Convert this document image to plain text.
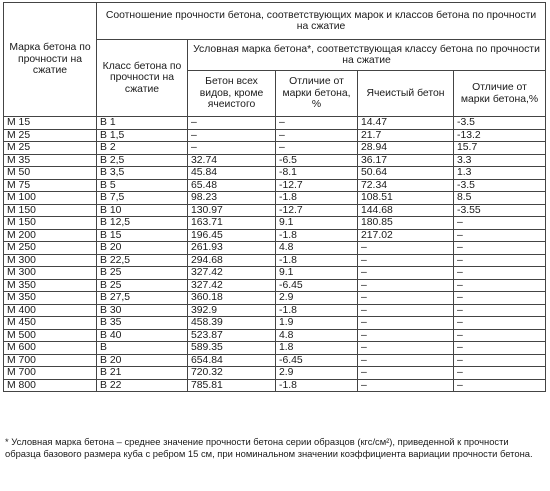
Марка бетона по прочности на сжатие	Соотношение прочности бетона, соответствующих марок и классов бетона по прочности на сжатие				
	Класс бетона по прочности на сжатие	Условная марка бетона*, соответствующая классу бетона по прочности на сжатие			
		Бетон всех видов, кроме ячеистого	Отличие от марки бетона, %	Ячеистый бетон	Отличие от марки бетона,%
М 15	В 1	–	–	14.47	-3.5
М 25	В 1,5	–	–	21.7	-13.2
М 25	В 2	–	–	28.94	15.7
М 35	В 2,5	32.74	-6.5	36.17	3.3
М 50	В 3,5	45.84	-8.1	50.64	1.3
М 75	В 5	65.48	-12.7	72.34	-3.5
М 100	В 7,5	98.23	-1.8	108.51	8.5
М 150	В 10	130.97	-12.7	144.68	-3.55
М 150	В 12,5	163.71	9.1	180.85	–
М 200	В 15	196.45	-1.8	217.02	–
М 250	В 20	261.93	4.8	–	–
М 300	В 22,5	294.68	-1.8	–	–
М 300	В 25	327.42	9.1	–	–
М 350	В 25	327.42	-6.45	–	–
М 350	В 27,5	360.18	2.9	–	–
М 400	В 30	392.9	-1.8	–	–
М 450	В 35	458.39	1.9	–	–
М 500	В 40	523.87	4.8	–	–
М 600	В	589.35	1.8	–	–
М 700	В 20	654.84	-6.45	–	–
М 700	В 21	720.32	2.9	–	–
М 800	В 22	785.81	-1.8	–	–
* Условная марка бетона – среднее значение прочности бетона серии образцов (кгс/см²), приведенной к прочности образца базового размера куба с ребром 15 см, при номинальном значении коэффициента вариации прочности бетона.
